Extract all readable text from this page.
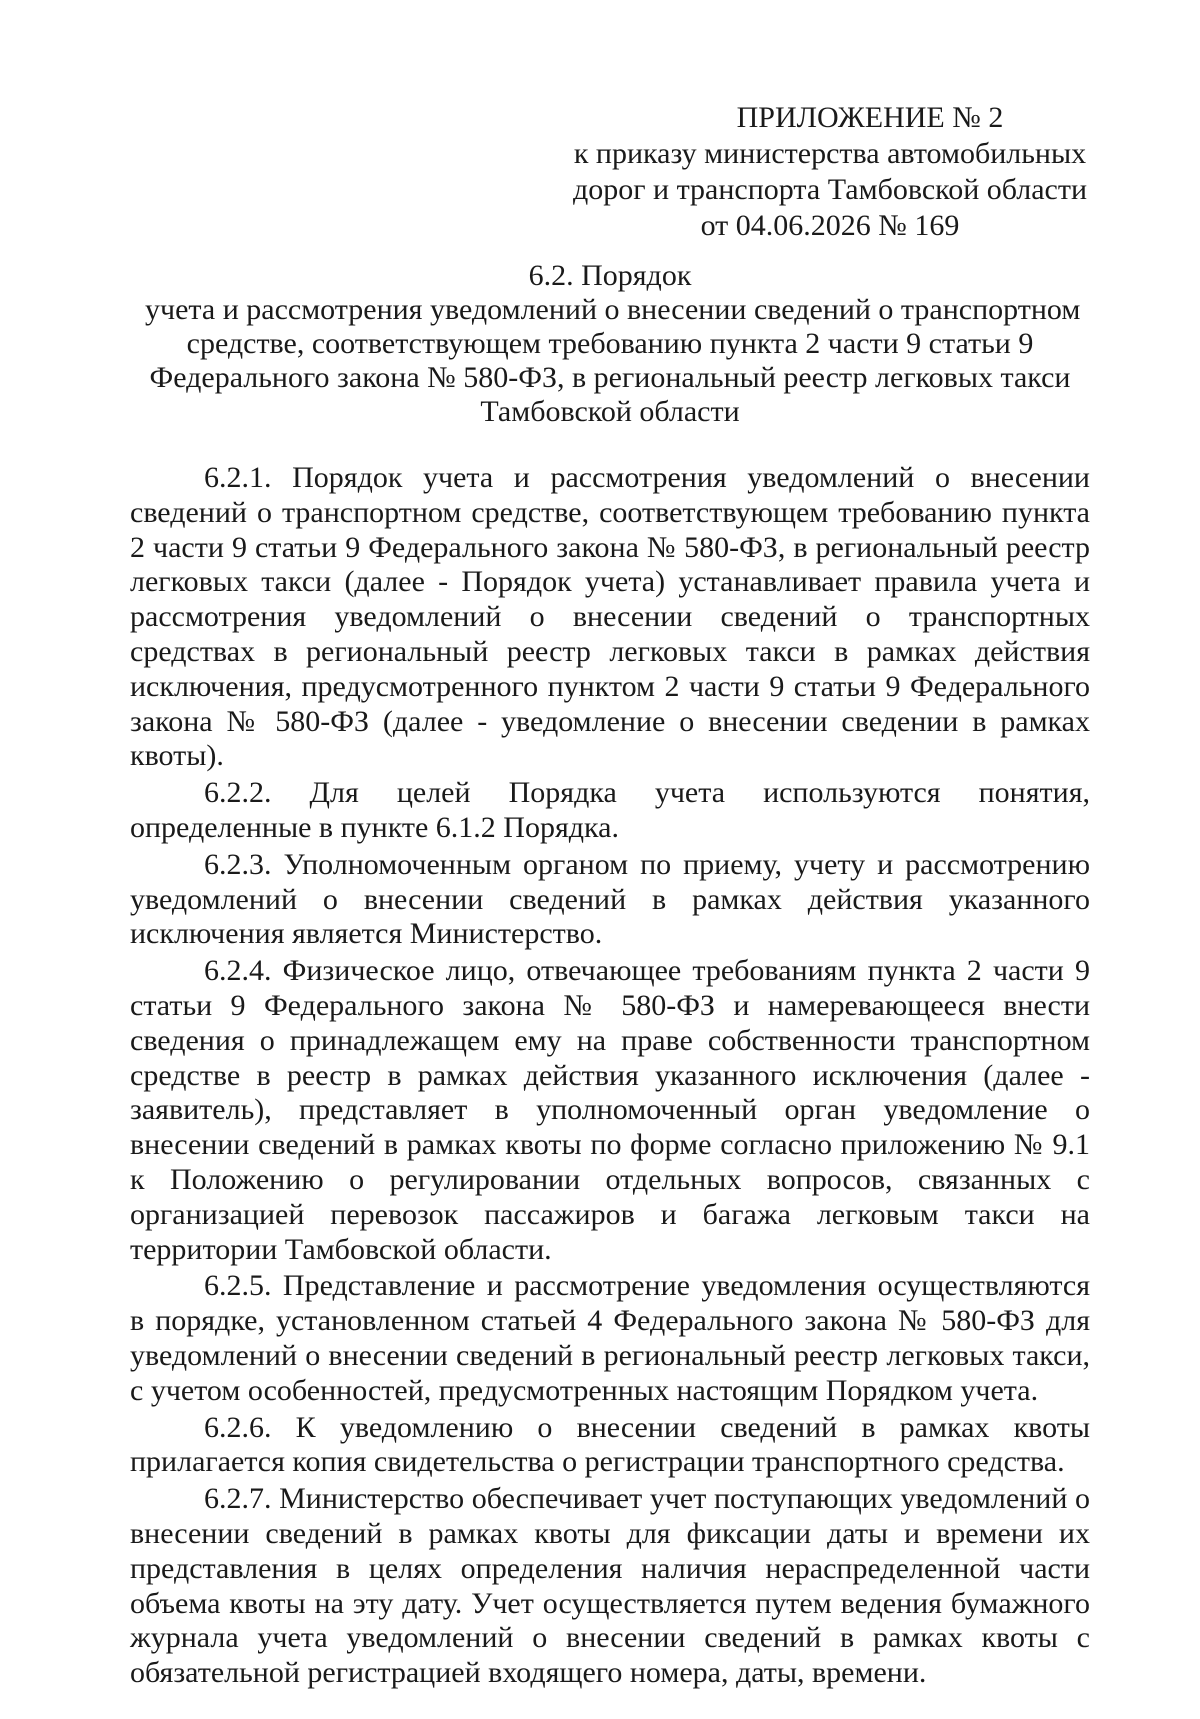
ПРИЛОЖЕНИЕ № 2
к приказу министерства автомобильных
дорог и транспорта Тамбовской области
от 04.06.2026 № 169
6.2. Порядок
учета и рассмотрения уведомлений о внесении сведений о транспортном
средстве, соответствующем требованию пункта 2 части 9 статьи 9
Федерального закона № 580-ФЗ, в региональный реестр легковых такси
Тамбовской области

6.2.1. Порядок учета и рассмотрения уведомлений о внесении сведений о транспортном средстве, соответствующем требованию пункта 2 части 9 статьи 9 Федерального закона № 580-ФЗ, в региональный реестр легковых такси (далее - Порядок учета) устанавливает правила учета и рассмотрения уведомлений о внесении сведений о транспортных средствах в региональный реестр легковых такси в рамках действия исключения, предусмотренного пунктом 2 части 9 статьи 9 Федерального закона № 580-ФЗ (далее - уведомление о внесении сведении в рамках квоты).

6.2.2. Для целей Порядка учета используются понятия, определенные в пункте 6.1.2 Порядка.

6.2.3. Уполномоченным органом по приему, учету и рассмотрению уведомлений о внесении сведений в рамках действия указанного исключения является Министерство.

6.2.4. Физическое лицо, отвечающее требованиям пункта 2 части 9 статьи 9 Федерального закона № 580-ФЗ и намеревающееся внести сведения о принадлежащем ему на праве собственности транспортном средстве в реестр в рамках действия указанного исключения (далее - заявитель), представляет в уполномоченный орган уведомление о внесении сведений в рамках квоты по форме согласно приложению № 9.1 к Положению о регулировании отдельных вопросов, связанных с организацией перевозок пассажиров и багажа легковым такси на территории Тамбовской области.

6.2.5. Представление и рассмотрение уведомления осуществляются в порядке, установленном статьей 4 Федерального закона № 580-ФЗ для уведомлений о внесении сведений в региональный реестр легковых такси, с учетом особенностей, предусмотренных настоящим Порядком учета.

6.2.6. К уведомлению о внесении сведений в рамках квоты прилагается копия свидетельства о регистрации транспортного средства.

6.2.7. Министерство обеспечивает учет поступающих уведомлений о внесении сведений в рамках квоты для фиксации даты и времени их представления в целях определения наличия нераспределенной части объема квоты на эту дату. Учет осуществляется путем ведения бумажного журнала учета уведомлений о внесении сведений в рамках квоты с обязательной регистрацией входящего номера, даты, времени.
